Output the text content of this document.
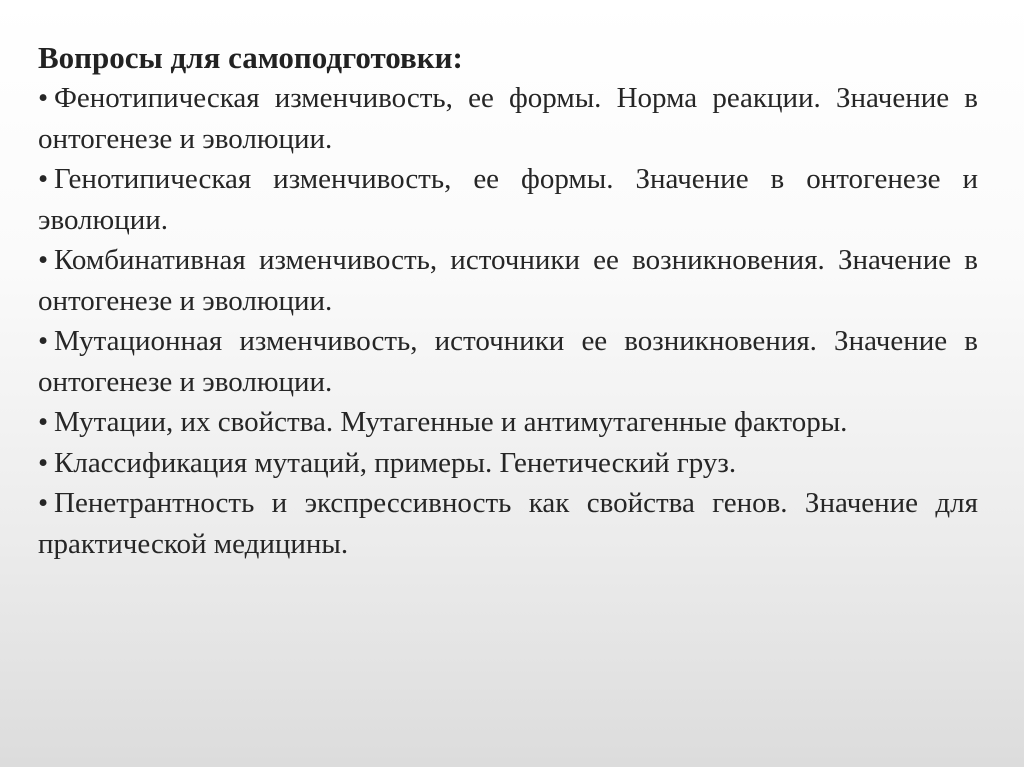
Вопросы для самоподготовки:
• Фенотипическая изменчивость, ее формы. Норма реакции. Значение в онтогенезе и эволюции.
• Генотипическая изменчивость, ее формы. Значение в онтогенезе и эволюции.
• Комбинативная изменчивость, источники ее возникновения. Значение в онтогенезе и эволюции.
• Мутационная изменчивость, источники ее возникновения. Значение в онтогенезе и эволюции.
• Мутации, их свойства. Мутагенные и антимутагенные факторы.
• Классификация мутаций, примеры. Генетический груз.
• Пенетрантность и экспрессивность как свойства генов. Значение для практической медицины.
